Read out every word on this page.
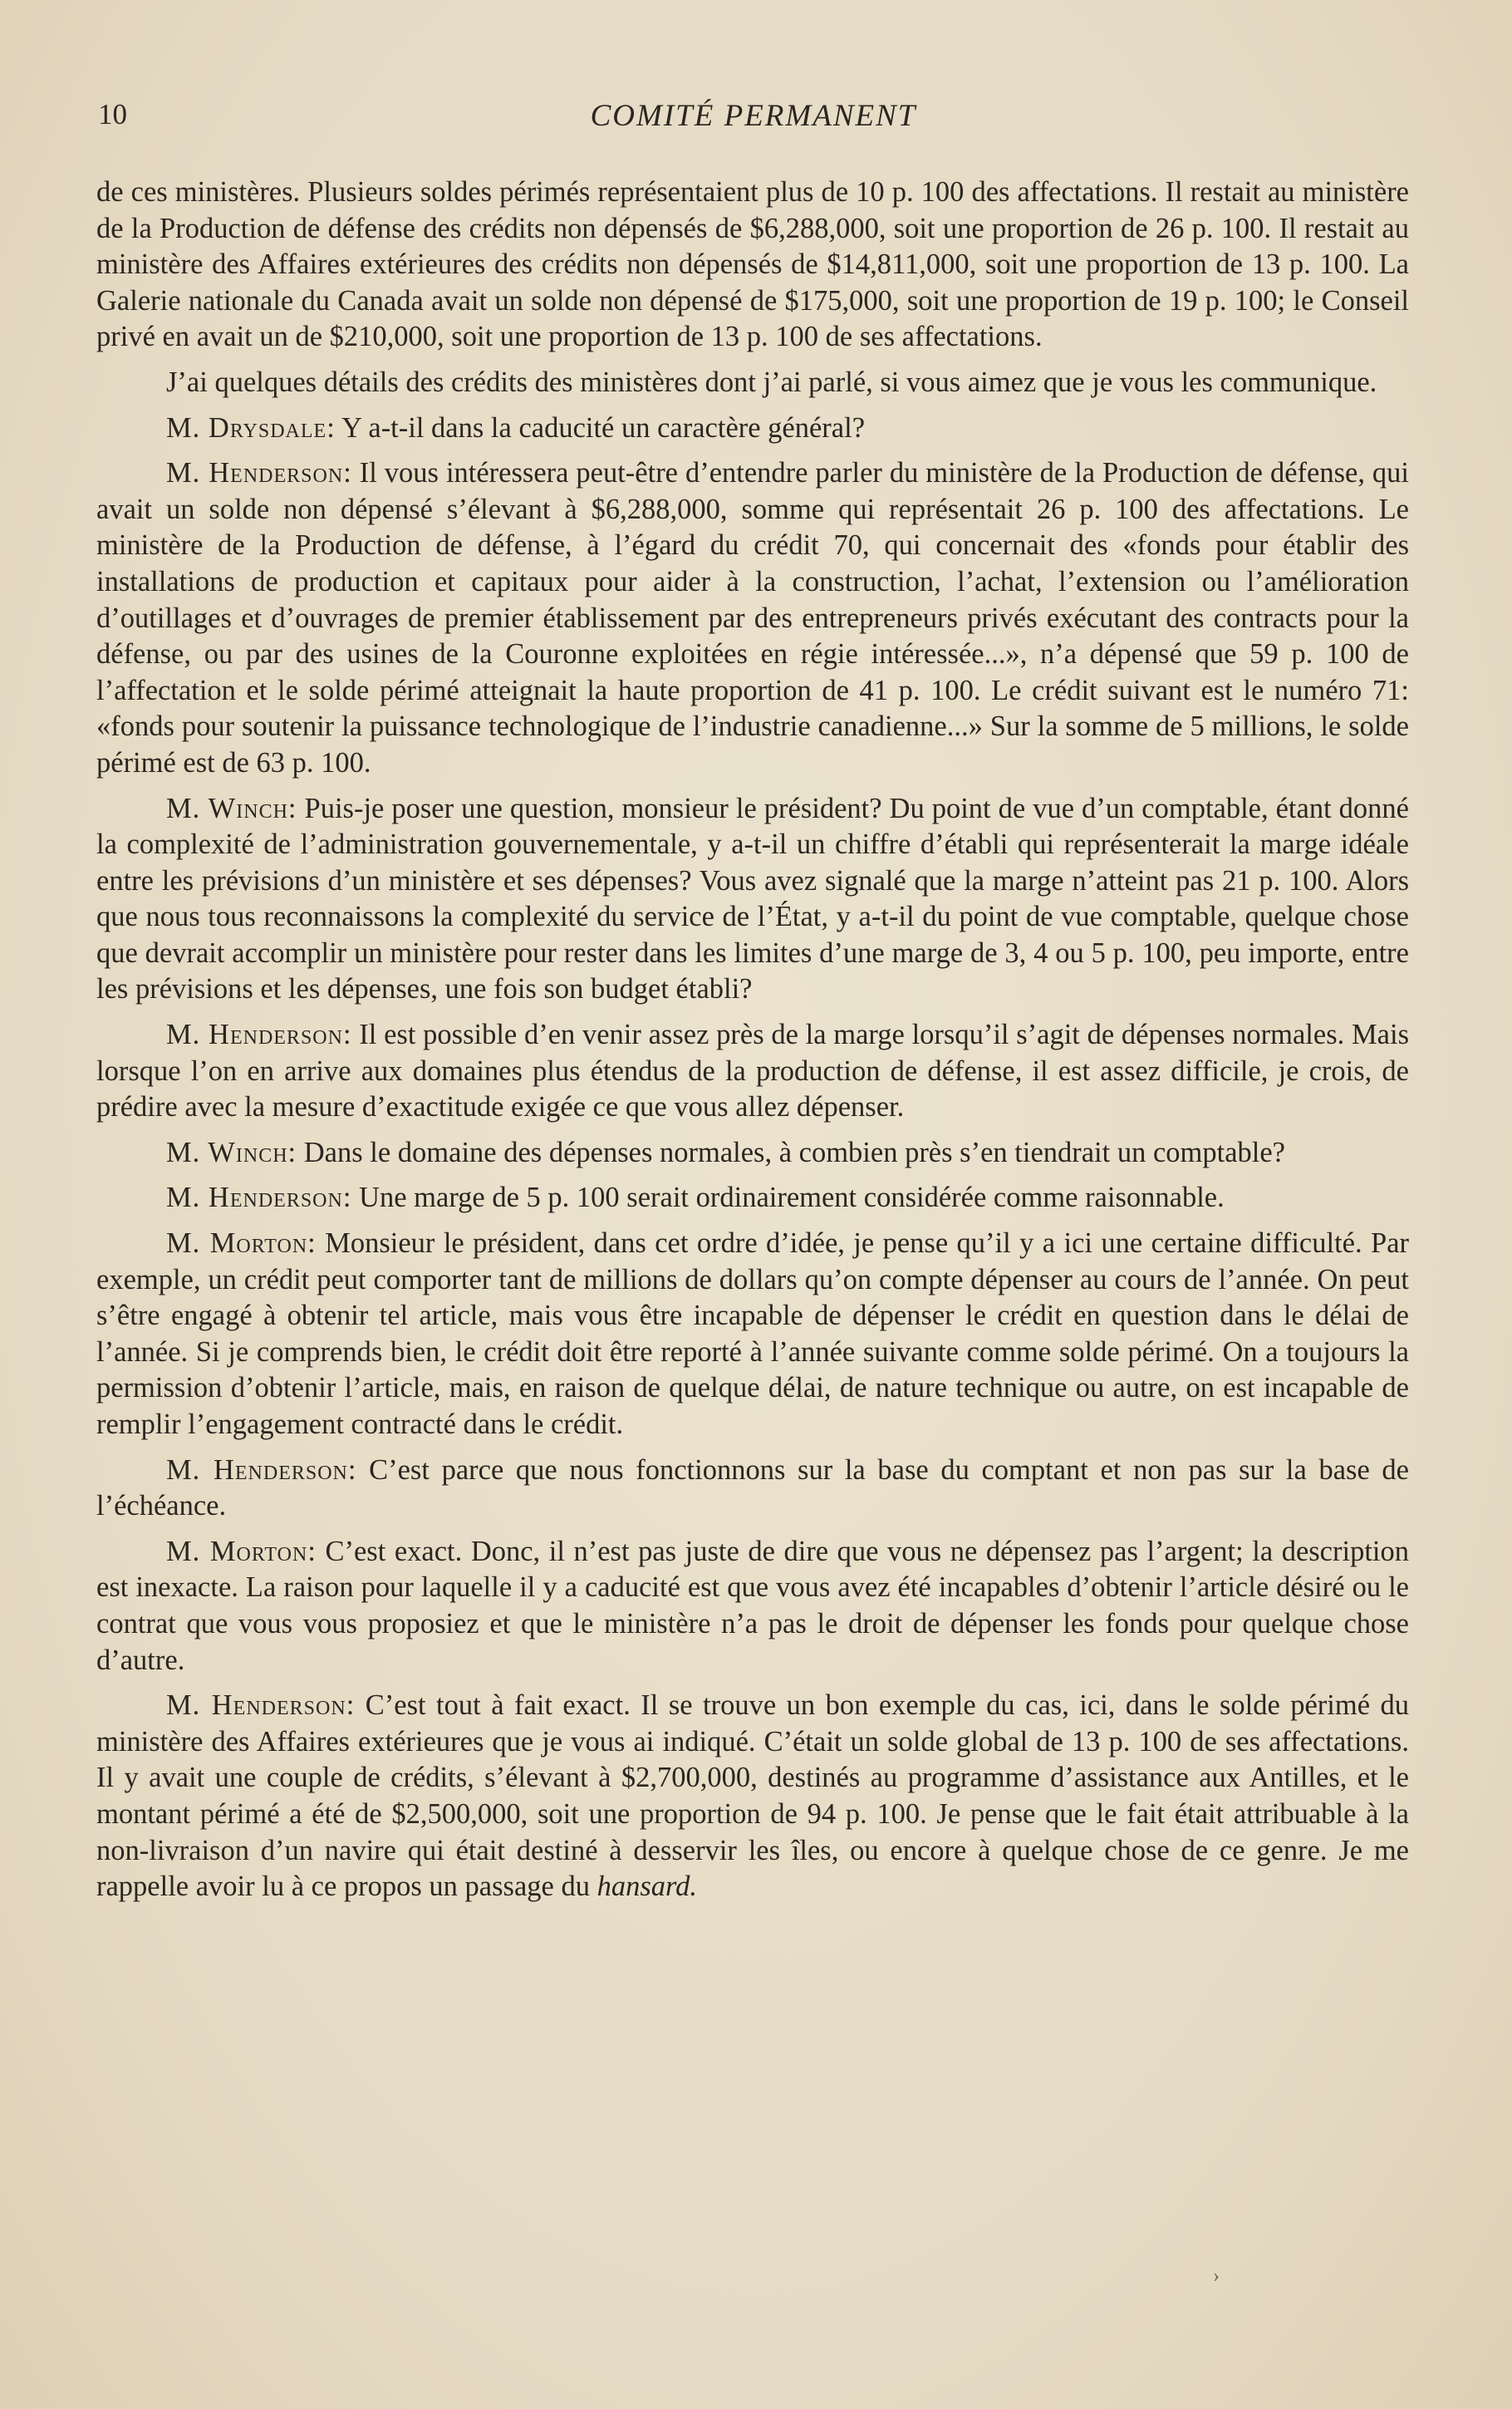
10	COMITÉ PERMANENT

de ces ministères. Plusieurs soldes périmés représentaient plus de 10 p. 100 des affectations. Il restait au ministère de la Production de défense des crédits non dépensés de $6,288,000, soit une proportion de 26 p. 100. Il restait au ministère des Affaires extérieures des crédits non dépensés de $14,811,000, soit une proportion de 13 p. 100. La Galerie nationale du Canada avait un solde non dépensé de $175,000, soit une proportion de 19 p. 100; le Conseil privé en avait un de $210,000, soit une proportion de 13 p. 100 de ses affectations.

J’ai quelques détails des crédits des ministères dont j’ai parlé, si vous aimez que je vous les communique.

M. Drysdale: Y a-t-il dans la caducité un caractère général?

M. Henderson: Il vous intéressera peut-être d’entendre parler du ministère de la Production de défense, qui avait un solde non dépensé s’élevant à $6,288,000, somme qui représentait 26 p. 100 des affectations. Le ministère de la Production de défense, à l’égard du crédit 70, qui concernait des «fonds pour établir des installations de production et capitaux pour aider à la construction, l’achat, l’extension ou l’amélioration d’outillages et d’ouvrages de premier établissement par des entrepreneurs privés exécutant des contracts pour la défense, ou par des usines de la Couronne exploitées en régie intéressée...», n’a dépensé que 59 p. 100 de l’affectation et le solde périmé atteignait la haute proportion de 41 p. 100. Le crédit suivant est le numéro 71: «fonds pour soutenir la puissance technologique de l’industrie canadienne...» Sur la somme de 5 millions, le solde périmé est de 63 p. 100.

M. Winch: Puis-je poser une question, monsieur le président? Du point de vue d’un comptable, étant donné la complexité de l’administration gouvernementale, y a-t-il un chiffre d’établi qui représenterait la marge idéale entre les prévisions d’un ministère et ses dépenses? Vous avez signalé que la marge n’atteint pas 21 p. 100. Alors que nous tous reconnaissons la complexité du service de l’État, y a-t-il du point de vue comptable, quelque chose que devrait accomplir un ministère pour rester dans les limites d’une marge de 3, 4 ou 5 p. 100, peu importe, entre les prévisions et les dépenses, une fois son budget établi?

M. Henderson: Il est possible d’en venir assez près de la marge lorsqu’il s’agit de dépenses normales. Mais lorsque l’on en arrive aux domaines plus étendus de la production de défense, il est assez difficile, je crois, de prédire avec la mesure d’exactitude exigée ce que vous allez dépenser.

M. Winch: Dans le domaine des dépenses normales, à combien près s’en tiendrait un comptable?

M. Henderson: Une marge de 5 p. 100 serait ordinairement considérée comme raisonnable.

M. Morton: Monsieur le président, dans cet ordre d’idée, je pense qu’il y a ici une certaine difficulté. Par exemple, un crédit peut comporter tant de millions de dollars qu’on compte dépenser au cours de l’année. On peut s’être engagé à obtenir tel article, mais vous être incapable de dépenser le crédit en question dans le délai de l’année. Si je comprends bien, le crédit doit être reporté à l’année suivante comme solde périmé. On a toujours la permission d’obtenir l’article, mais, en raison de quelque délai, de nature technique ou autre, on est incapable de remplir l’engagement contracté dans le crédit.

M. Henderson: C’est parce que nous fonctionnons sur la base du comptant et non pas sur la base de l’échéance.

M. Morton: C’est exact. Donc, il n’est pas juste de dire que vous ne dépensez pas l’argent; la description est inexacte. La raison pour laquelle il y a caducité est que vous avez été incapables d’obtenir l’article désiré ou le contrat que vous vous proposiez et que le ministère n’a pas le droit de dépenser les fonds pour quelque chose d’autre.

M. Henderson: C’est tout à fait exact. Il se trouve un bon exemple du cas, ici, dans le solde périmé du ministère des Affaires extérieures que je vous ai indiqué. C’était un solde global de 13 p. 100 de ses affectations. Il y avait une couple de crédits, s’élevant à $2,700,000, destinés au programme d’assistance aux Antilles, et le montant périmé a été de $2,500,000, soit une proportion de 94 p. 100. Je pense que le fait était attribuable à la non-livraison d’un navire qui était destiné à desservir les îles, ou encore à quelque chose de ce genre. Je me rappelle avoir lu à ce propos un passage du hansard.

›
